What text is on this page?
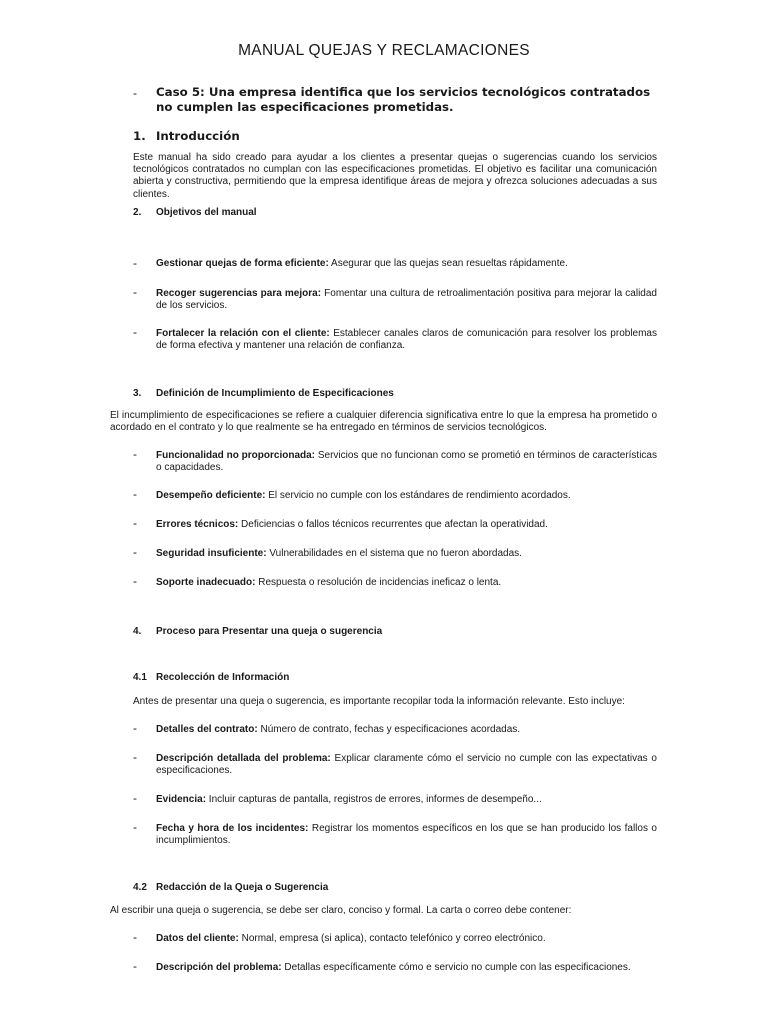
MANUAL QUEJAS Y RECLAMACIONES
- Caso 5: Una empresa identifica que los servicios tecnológicos contratados no cumplen las especificaciones prometidas.
1. Introducción
Este manual ha sido creado para ayudar a los clientes a presentar quejas o sugerencias cuando los servicios tecnológicos contratados no cumplan con las especificaciones prometidas. El objetivo es facilitar una comunicación abierta y constructiva, permitiendo que la empresa identifique áreas de mejora y ofrezca soluciones adecuadas a sus clientes.
2. Objetivos del manual
- Gestionar quejas de forma eficiente: Asegurar que las quejas sean resueltas rápidamente.
- Recoger sugerencias para mejora: Fomentar una cultura de retroalimentación positiva para mejorar la calidad de los servicios.
- Fortalecer la relación con el cliente: Establecer canales claros de comunicación para resolver los problemas de forma efectiva y mantener una relación de confianza.
3. Definición de Incumplimiento de Especificaciones
El incumplimiento de especificaciones se refiere a cualquier diferencia significativa entre lo que la empresa ha prometido o acordado en el contrato y lo que realmente se ha entregado en términos de servicios tecnológicos.
- Funcionalidad no proporcionada: Servicios que no funcionan como se prometió en términos de características o capacidades.
- Desempeño deficiente: El servicio no cumple con los estándares de rendimiento acordados.
- Errores técnicos: Deficiencias o fallos técnicos recurrentes que afectan la operatividad.
- Seguridad insuficiente: Vulnerabilidades en el sistema que no fueron abordadas.
- Soporte inadecuado: Respuesta o resolución de incidencias ineficaz o lenta.
4. Proceso para Presentar una queja o sugerencia
4.1 Recolección de Información
Antes de presentar una queja o sugerencia, es importante recopilar toda la información relevante. Esto incluye:
- Detalles del contrato: Número de contrato, fechas y especificaciones acordadas.
- Descripción detallada del problema: Explicar claramente cómo el servicio no cumple con las expectativas o especificaciones.
- Evidencia: Incluir capturas de pantalla, registros de errores, informes de desempeño...
- Fecha y hora de los incidentes: Registrar los momentos específicos en los que se han producido los fallos o incumplimientos.
4.2 Redacción de la Queja o Sugerencia
Al escribir una queja o sugerencia, se debe ser claro, conciso y formal. La carta o correo debe contener:
- Datos del cliente: Normal, empresa (si aplica), contacto telefónico y correo electrónico.
- Descripción del problema: Detallas específicamente cómo e servicio no cumple con las especificaciones.
